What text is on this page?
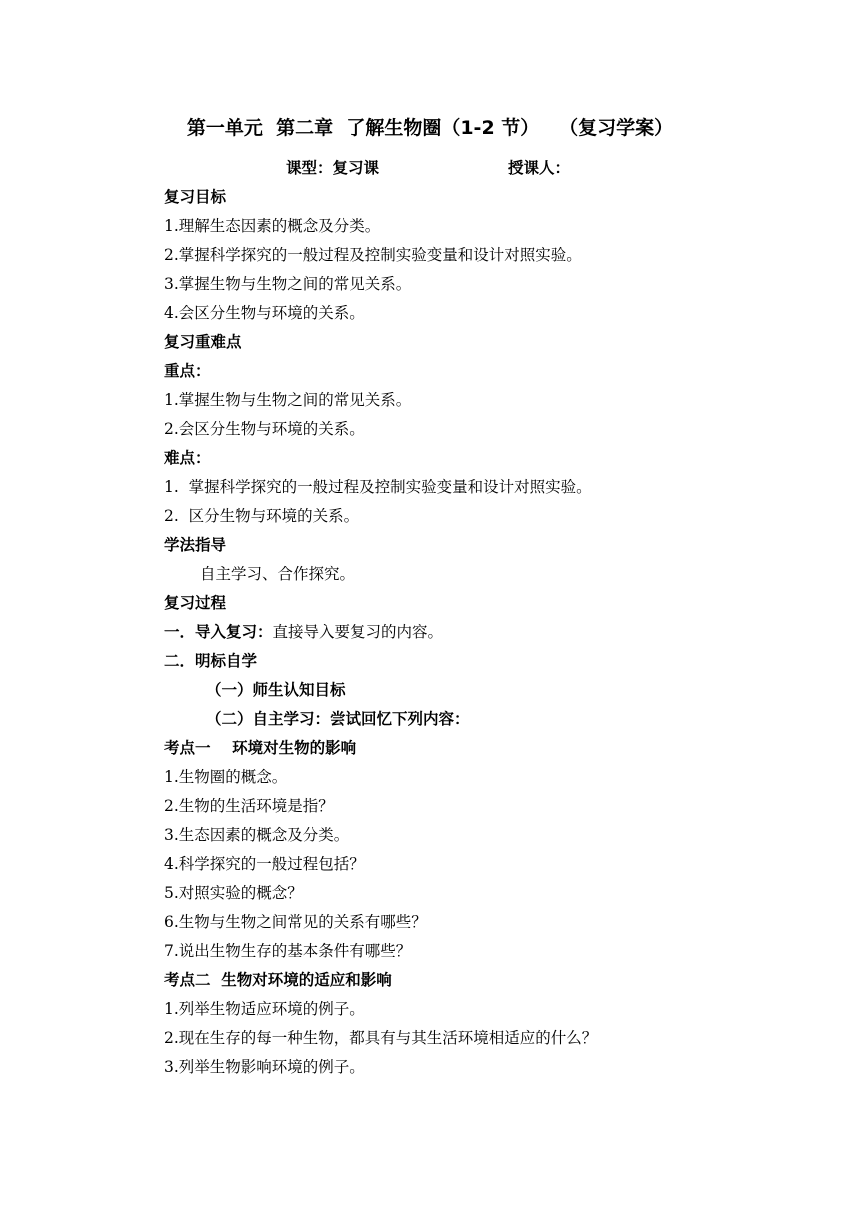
第一单元  第二章  了解生物圈（1-2 节）   （复习学案）
课型：复习课	授课人：
复习目标
1.理解生态因素的概念及分类。
2.掌握科学探究的一般过程及控制实验变量和设计对照实验。
3.掌握生物与生物之间的常见关系。
4.会区分生物与环境的关系。
复习重难点
重点：
1.掌握生物与生物之间的常见关系。
2.会区分生物与环境的关系。
难点：
1.  掌握科学探究的一般过程及控制实验变量和设计对照实验。
2.  区分生物与环境的关系。
学法指导
自主学习、合作探究。
复习过程
一．导入复习：直接导入要复习的内容。
二．明标自学
（一）师生认知目标
（二）自主学习：尝试回忆下列内容：
考点一    环境对生物的影响
1.生物圈的概念。
2.生物的生活环境是指？
3.生态因素的概念及分类。
4.科学探究的一般过程包括？
5.对照实验的概念？
6.生物与生物之间常见的关系有哪些？
7.说出生物生存的基本条件有哪些？
考点二  生物对环境的适应和影响
1.列举生物适应环境的例子。
2.现在生存的每一种生物，都具有与其生活环境相适应的什么？
3.列举生物影响环境的例子。
